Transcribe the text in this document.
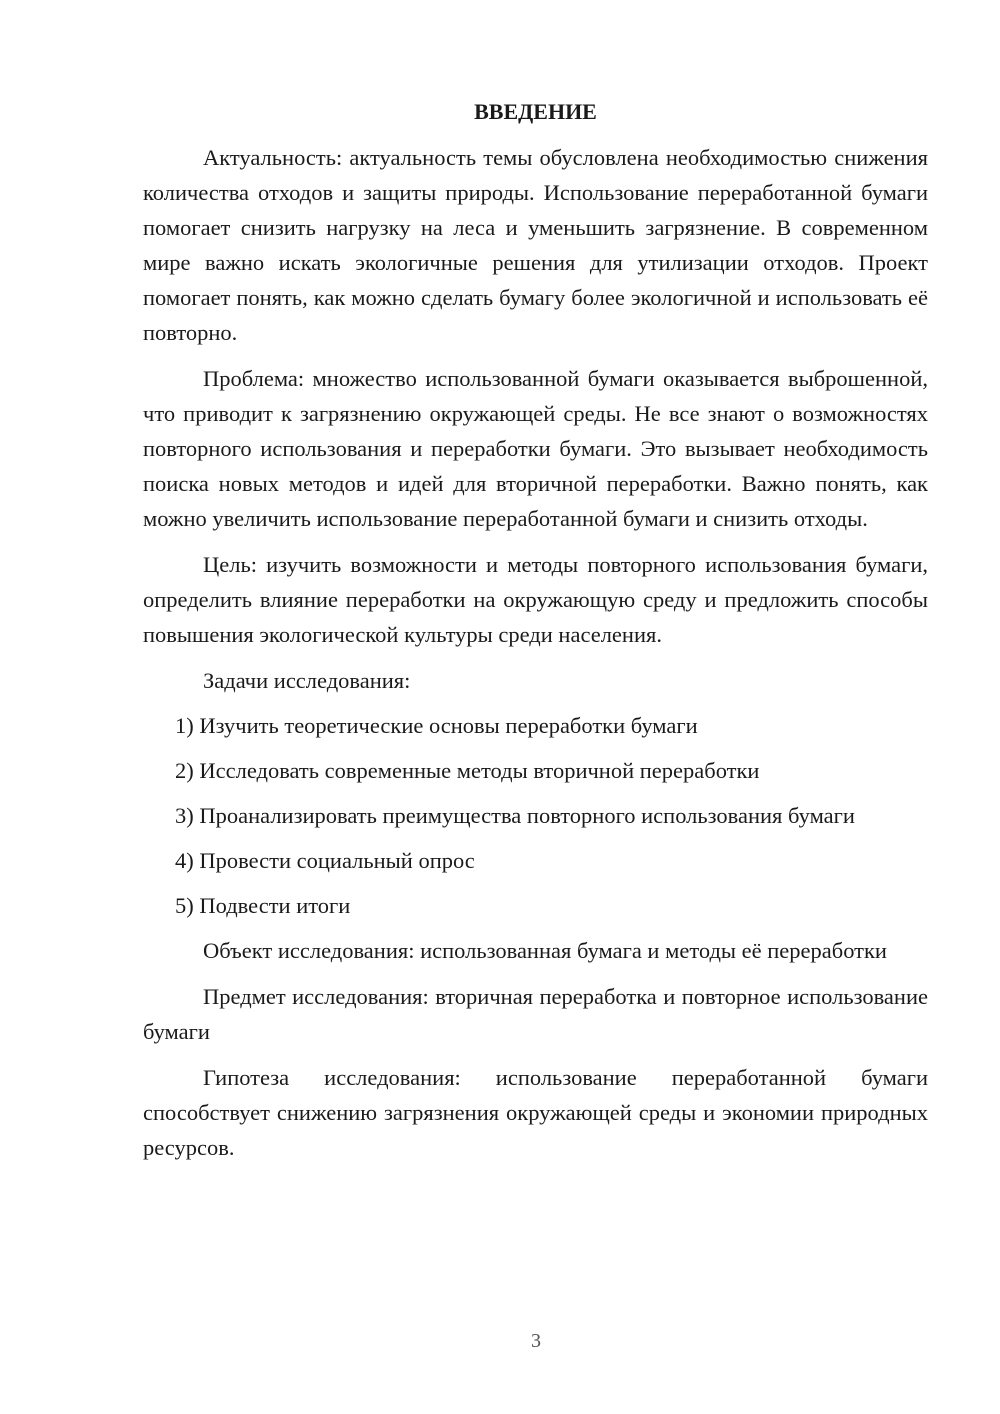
ВВЕДЕНИЕ

Актуальность: актуальность темы обусловлена необходимостью снижения количества отходов и защиты природы. Использование переработанной бумаги помогает снизить нагрузку на леса и уменьшить загрязнение. В современном мире важно искать экологичные решения для утилизации отходов. Проект помогает понять, как можно сделать бумагу более экологичной и использовать её повторно.

Проблема: множество использованной бумаги оказывается выброшенной, что приводит к загрязнению окружающей среды. Не все знают о возможностях повторного использования и переработки бумаги. Это вызывает необходимость поиска новых методов и идей для вторичной переработки. Важно понять, как можно увеличить использование переработанной бумаги и снизить отходы.

Цель: изучить возможности и методы повторного использования бумаги, определить влияние переработки на окружающую среду и предложить способы повышения экологической культуры среди населения.

Задачи исследования:

1) Изучить теоретические основы переработки бумаги

2) Исследовать современные методы вторичной переработки

3) Проанализировать преимущества повторного использования бумаги

4) Провести социальный опрос

5) Подвести итоги

Объект исследования: использованная бумага и методы её переработки

Предмет исследования: вторичная переработка и повторное использование бумаги

Гипотеза исследования: использование переработанной бумаги способствует снижению загрязнения окружающей среды и экономии природных ресурсов.

3
